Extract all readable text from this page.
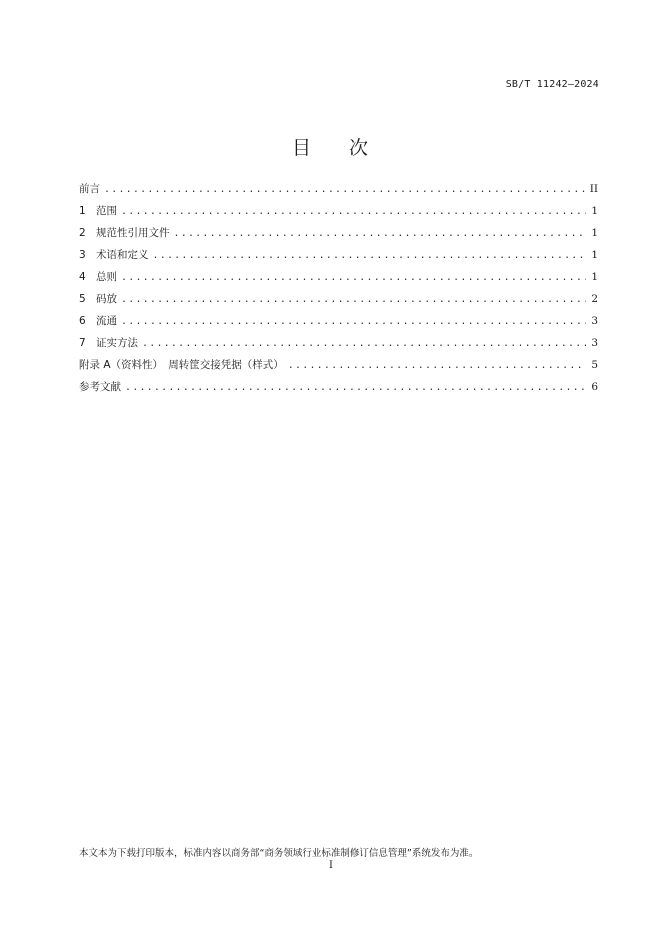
SB/T 11242—2024
目 次
前言 .....	II
1 范围 .....	1
2 规范性引用文件 .....	1
3 术语和定义 .....	1
4 总则 .....	1
5 码放 .....	2
6 流通 .....	3
7 证实方法 .....	3
附录 A（资料性）　周转筐交接凭据（样式） .....	5
参考文献 .....	6
本文本为下载打印版本，标准内容以商务部“商务领域行业标准制修订信息管理”系统发布为准。
I
